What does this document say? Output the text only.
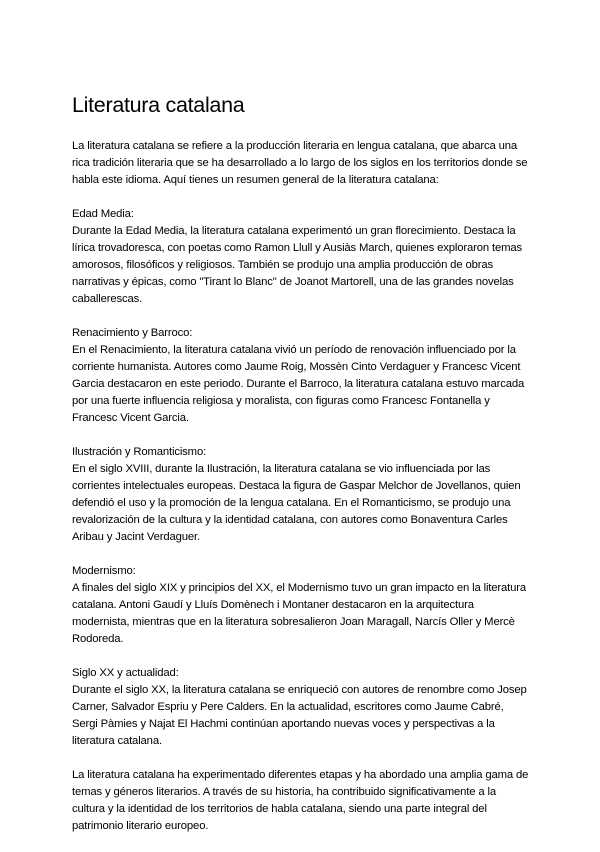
Literatura catalana

La literatura catalana se refiere a la producción literaria en lengua catalana, que abarca una rica tradición literaria que se ha desarrollado a lo largo de los siglos en los territorios donde se habla este idioma. Aquí tienes un resumen general de la literatura catalana:

Edad Media:
Durante la Edad Media, la literatura catalana experimentó un gran florecimiento. Destaca la lírica trovadoresca, con poetas como Ramon Llull y Ausiàs March, quienes exploraron temas amorosos, filosóficos y religiosos. También se produjo una amplia producción de obras narrativas y épicas, como "Tirant lo Blanc" de Joanot Martorell, una de las grandes novelas caballerescas.

Renacimiento y Barroco:
En el Renacimiento, la literatura catalana vivió un período de renovación influenciado por la corriente humanista. Autores como Jaume Roig, Mossèn Cinto Verdaguer y Francesc Vicent Garcia destacaron en este periodo. Durante el Barroco, la literatura catalana estuvo marcada por una fuerte influencia religiosa y moralista, con figuras como Francesc Fontanella y Francesc Vicent Garcia.

Ilustración y Romanticismo:
En el siglo XVIII, durante la Ilustración, la literatura catalana se vio influenciada por las corrientes intelectuales europeas. Destaca la figura de Gaspar Melchor de Jovellanos, quien defendió el uso y la promoción de la lengua catalana. En el Romanticismo, se produjo una revalorización de la cultura y la identidad catalana, con autores como Bonaventura Carles Aribau y Jacint Verdaguer.

Modernismo:
A finales del siglo XIX y principios del XX, el Modernismo tuvo un gran impacto en la literatura catalana. Antoni Gaudí y Lluís Domènech i Montaner destacaron en la arquitectura modernista, mientras que en la literatura sobresalieron Joan Maragall, Narcís Oller y Mercè Rodoreda.

Siglo XX y actualidad:
Durante el siglo XX, la literatura catalana se enriqueció con autores de renombre como Josep Carner, Salvador Espriu y Pere Calders. En la actualidad, escritores como Jaume Cabré, Sergi Pàmies y Najat El Hachmi continúan aportando nuevas voces y perspectivas a la literatura catalana.

La literatura catalana ha experimentado diferentes etapas y ha abordado una amplia gama de temas y géneros literarios. A través de su historia, ha contribuido significativamente a la cultura y la identidad de los territorios de habla catalana, siendo una parte integral del patrimonio literario europeo.
